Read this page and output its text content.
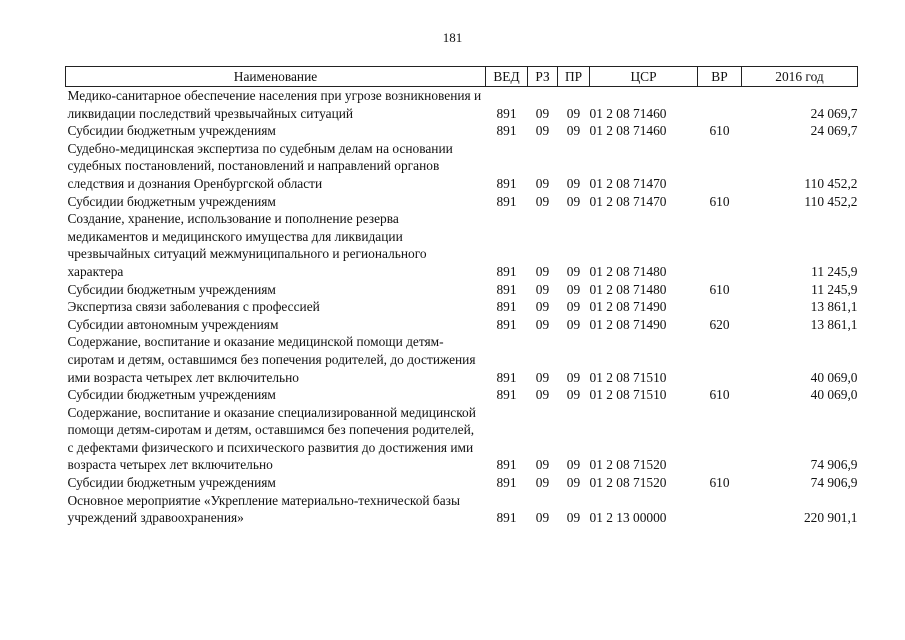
181
Наименование	ВЕД	РЗ	ПР	ЦСР	ВР	2016 год
Медико-санитарное обеспечение населения при угрозе возникновения и ликвидации последствий чрезвычайных ситуаций	891	09	09	01 2 08 71460		24 069,7
Субсидии бюджетным учреждениям	891	09	09	01 2 08 71460	610	24 069,7
Судебно-медицинская экспертиза по судебным делам на основании судебных постановлений, постановлений и направлений органов следствия и дознания Оренбургской области	891	09	09	01 2 08 71470		110 452,2
Субсидии бюджетным учреждениям	891	09	09	01 2 08 71470	610	110 452,2
Создание, хранение, использование и пополнение резерва медикаментов и медицинского имущества для ликвидации чрезвычайных ситуаций межмуниципального и регионального характера	891	09	09	01 2 08 71480		11 245,9
Субсидии бюджетным учреждениям	891	09	09	01 2 08 71480	610	11 245,9
Экспертиза связи заболевания с профессией	891	09	09	01 2 08 71490		13 861,1
Субсидии автономным учреждениям	891	09	09	01 2 08 71490	620	13 861,1
Содержание, воспитание и оказание медицинской помощи детям-сиротам и детям, оставшимся без попечения родителей, до достижения ими возраста четырех лет включительно	891	09	09	01 2 08 71510		40 069,0
Субсидии бюджетным учреждениям	891	09	09	01 2 08 71510	610	40 069,0
Содержание, воспитание и оказание специализированной медицинской помощи детям-сиротам и детям, оставшимся без попечения родителей, с дефектами физического и психического развития до достижения ими возраста четырех лет включительно	891	09	09	01 2 08 71520		74 906,9
Субсидии бюджетным учреждениям	891	09	09	01 2 08 71520	610	74 906,9
Основное мероприятие «Укрепление материально-технической базы учреждений здравоохранения»	891	09	09	01 2 13 00000		220 901,1
